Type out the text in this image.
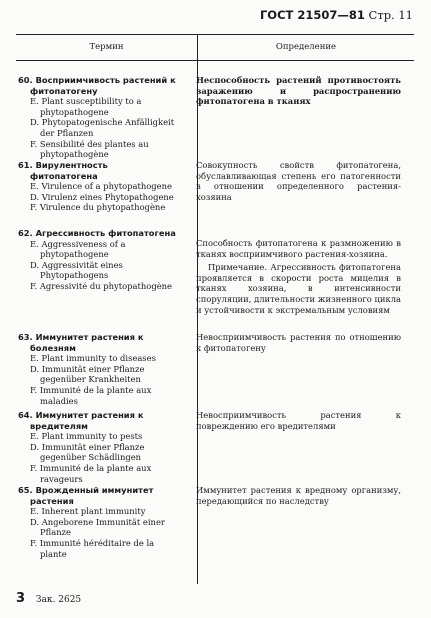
ГОСТ 21507—81 Стр. 11
Термин	Определение
60. Восприимчивость растений к фитопатогену
E. Plant susceptibility to a phytopathogene
D. Phytopatogenische Anfälligkeit der Pflanzen
F. Sensibilité des plantes au phytopathogène
Неспособность растений противостоять заражению и распространению фитопатогена в тканях
61. Вирулентность фитопатогена
E. Virulence of a phytopathogene
D. Virulenz eines Phytopathogene
F. Virulence du phytopathogène
Совокупность свойств фитопатогена, обуславливающая степень его патогенности в отношении определенного растения-хозяина
62. Агрессивность фитопатогена
E. Aggressiveness of a phytopathogene
D. Aggressivität eines Phytopathogens
F. Agressivité du phytopathogène
Способность фитопатогена к размножению в тканях восприимчивого растения-хозяина.
Примечание. Агрессивность фитопатогена проявляется в скорости роста мицелия в тканях хозяина, в интенсивности споруляции, длительности жизненного цикла и устойчивости к экстремальным условиям
63. Иммунитет растения к болезням
E. Plant immunity to diseases
D. Immunität einer Pflanze gegenüber Krankheiten
F. Immunité de la plante aux maladies
Невосприимчивость растения по отношению к фитопатогену
64. Иммунитет растения к вредителям
E. Plant immunity to pests
D. Immunität einer Pflanze gegenüber Schädlingen
F. Immunité de la plante aux ravageurs
Невосприимчивость растения к повреждению его вредителями
65. Врожденный иммунитет растения
E. Inherent plant immunity
D. Angeborene Immunität einer Pflanze
F. Immunité héréditaire de la plante
Иммунитет растения к вредному организму, передающийся по наследству
3 Зак. 2625
